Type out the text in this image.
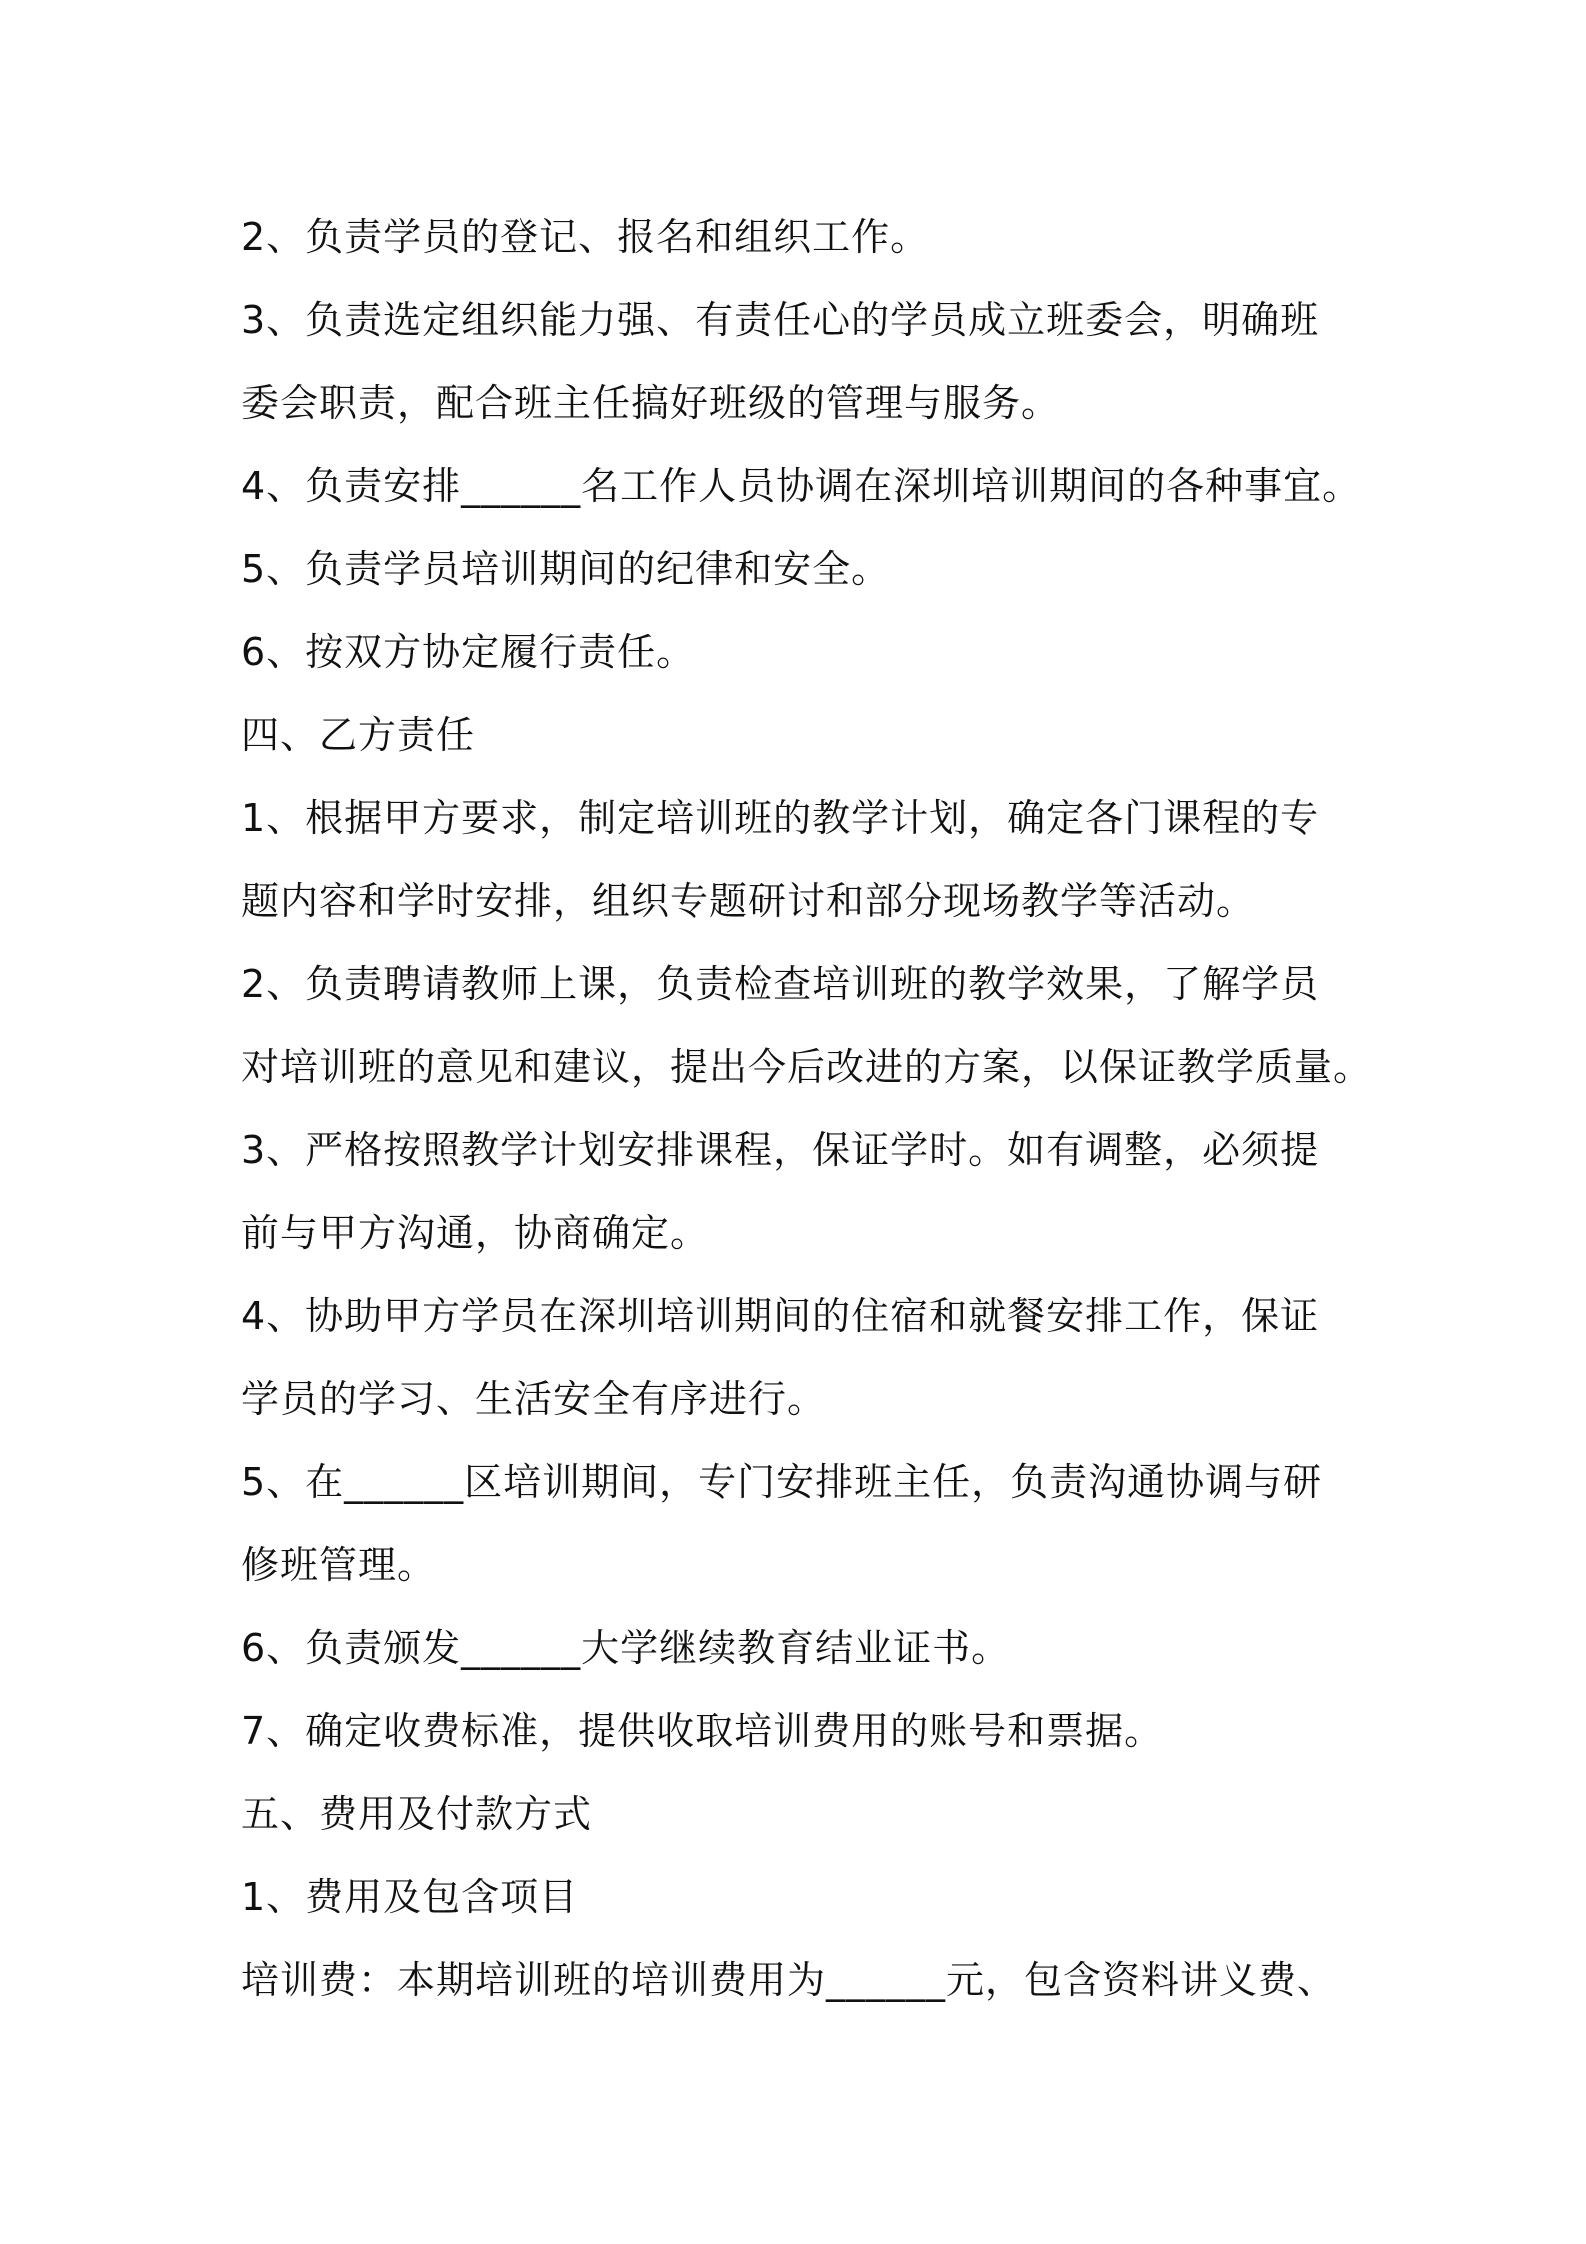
2、负责学员的登记、报名和组织工作。
3、负责选定组织能力强、有责任心的学员成立班委会，明确班
委会职责，配合班主任搞好班级的管理与服务。
4、负责安排______名工作人员协调在深圳培训期间的各种事宜。
5、负责学员培训期间的纪律和安全。
6、按双方协定履行责任。
四、乙方责任
1、根据甲方要求，制定培训班的教学计划，确定各门课程的专
题内容和学时安排，组织专题研讨和部分现场教学等活动。
2、负责聘请教师上课，负责检查培训班的教学效果，了解学员
对培训班的意见和建议，提出今后改进的方案，以保证教学质量。
3、严格按照教学计划安排课程，保证学时。如有调整，必须提
前与甲方沟通，协商确定。
4、协助甲方学员在深圳培训期间的住宿和就餐安排工作，保证
学员的学习、生活安全有序进行。
5、在______区培训期间，专门安排班主任，负责沟通协调与研
修班管理。
6、负责颁发______大学继续教育结业证书。
7、确定收费标准，提供收取培训费用的账号和票据。
五、费用及付款方式
1、费用及包含项目
培训费：本期培训班的培训费用为______元，包含资料讲义费、
